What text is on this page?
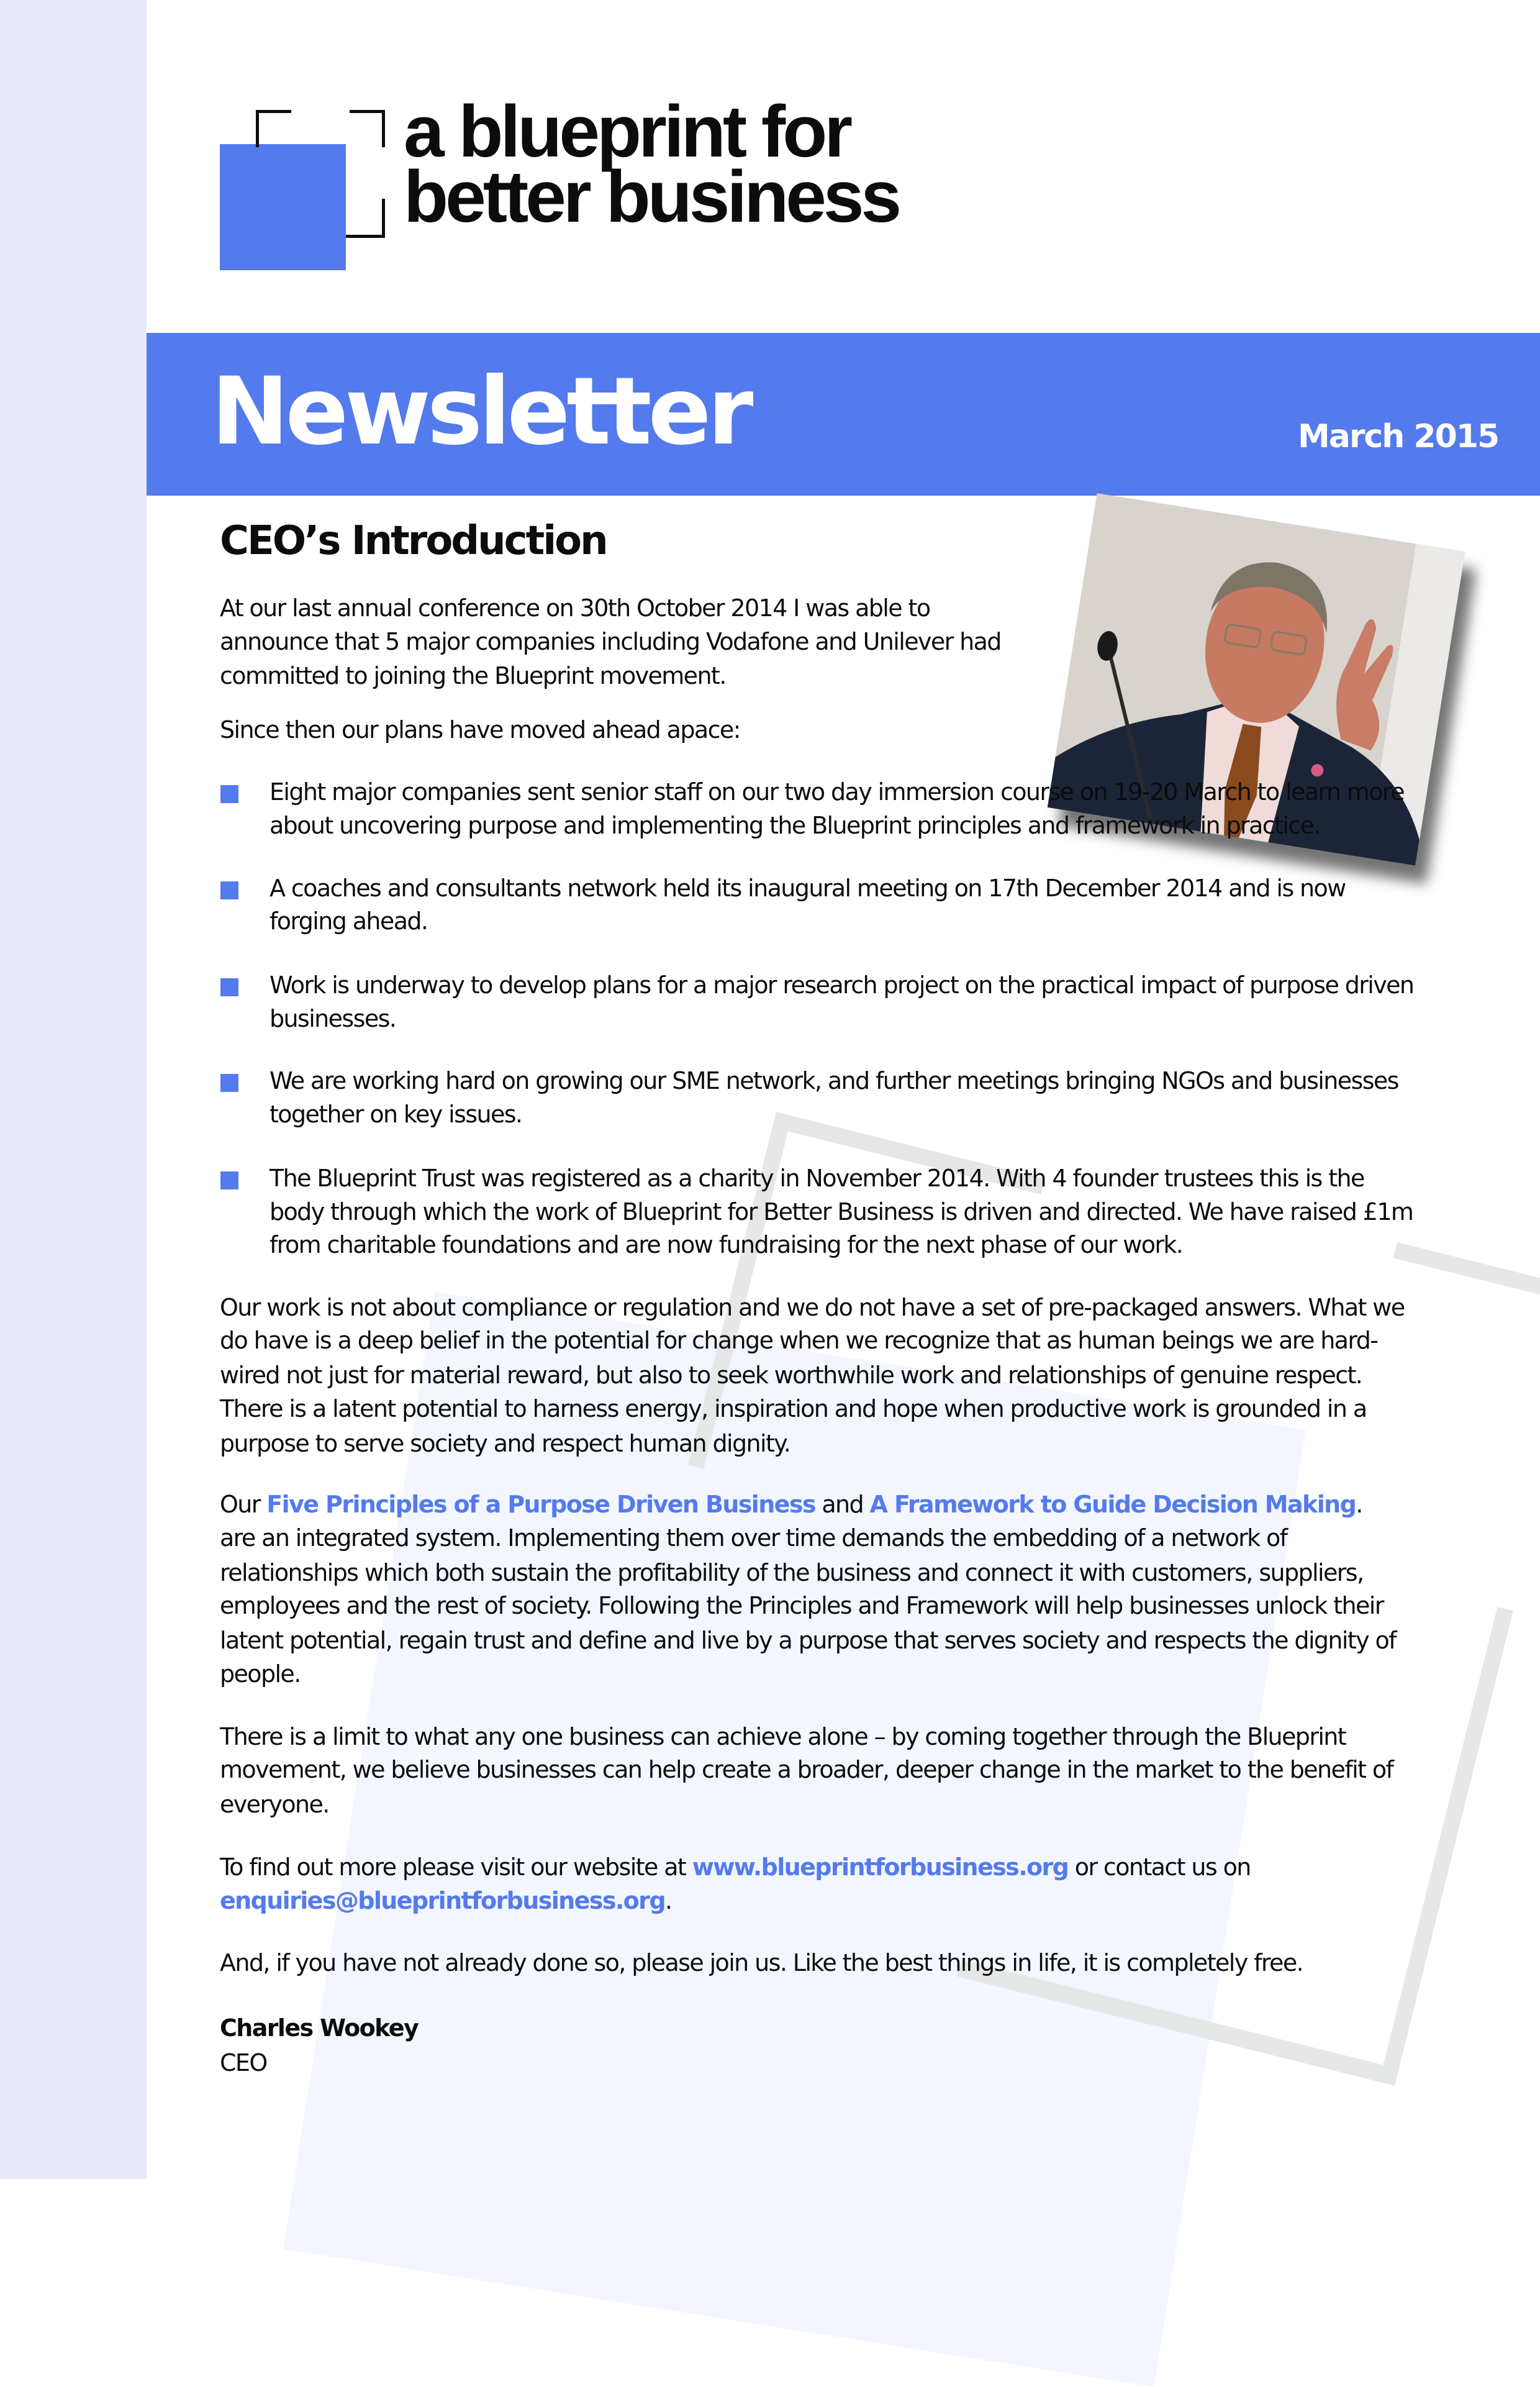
a blueprint for
better business
Newsletter	March 2015
CEO’s Introduction
At our last annual conference on 30th October 2014 I was able to
announce that 5 major companies including Vodafone and Unilever had
committed to joining the Blueprint movement.
Since then our plans have moved ahead apace:
Eight major companies sent senior staff on our two day immersion course on 19-20 March to learn more
about uncovering purpose and implementing the Blueprint principles and framework in practice.
A coaches and consultants network held its inaugural meeting on 17th December 2014 and is now
forging ahead.
Work is underway to develop plans for a major research project on the practical impact of purpose driven
businesses.
We are working hard on growing our SME network, and further meetings bringing NGOs and businesses
together on key issues.
The Blueprint Trust was registered as a charity in November 2014. With 4 founder trustees this is the
body through which the work of Blueprint for Better Business is driven and directed. We have raised £1m
from charitable foundations and are now fundraising for the next phase of our work.
Our work is not about compliance or regulation and we do not have a set of pre-packaged answers. What we
do have is a deep belief in the potential for change when we recognize that as human beings we are hard-
wired not just for material reward, but also to seek worthwhile work and relationships of genuine respect.
There is a latent potential to harness energy, inspiration and hope when productive work is grounded in a
purpose to serve society and respect human dignity.
Our Five Principles of a Purpose Driven Business and A Framework to Guide Decision Making.
are an integrated system. Implementing them over time demands the embedding of a network of
relationships which both sustain the profitability of the business and connect it with customers, suppliers,
employees and the rest of society. Following the Principles and Framework will help businesses unlock their
latent potential, regain trust and define and live by a purpose that serves society and respects the dignity of
people.
There is a limit to what any one business can achieve alone – by coming together through the Blueprint
movement, we believe businesses can help create a broader, deeper change in the market to the benefit of
everyone.
To find out more please visit our website at www.blueprintforbusiness.org or contact us on
enquiries@blueprintforbusiness.org.
And, if you have not already done so, please join us. Like the best things in life, it is completely free.
Charles Wookey
CEO
